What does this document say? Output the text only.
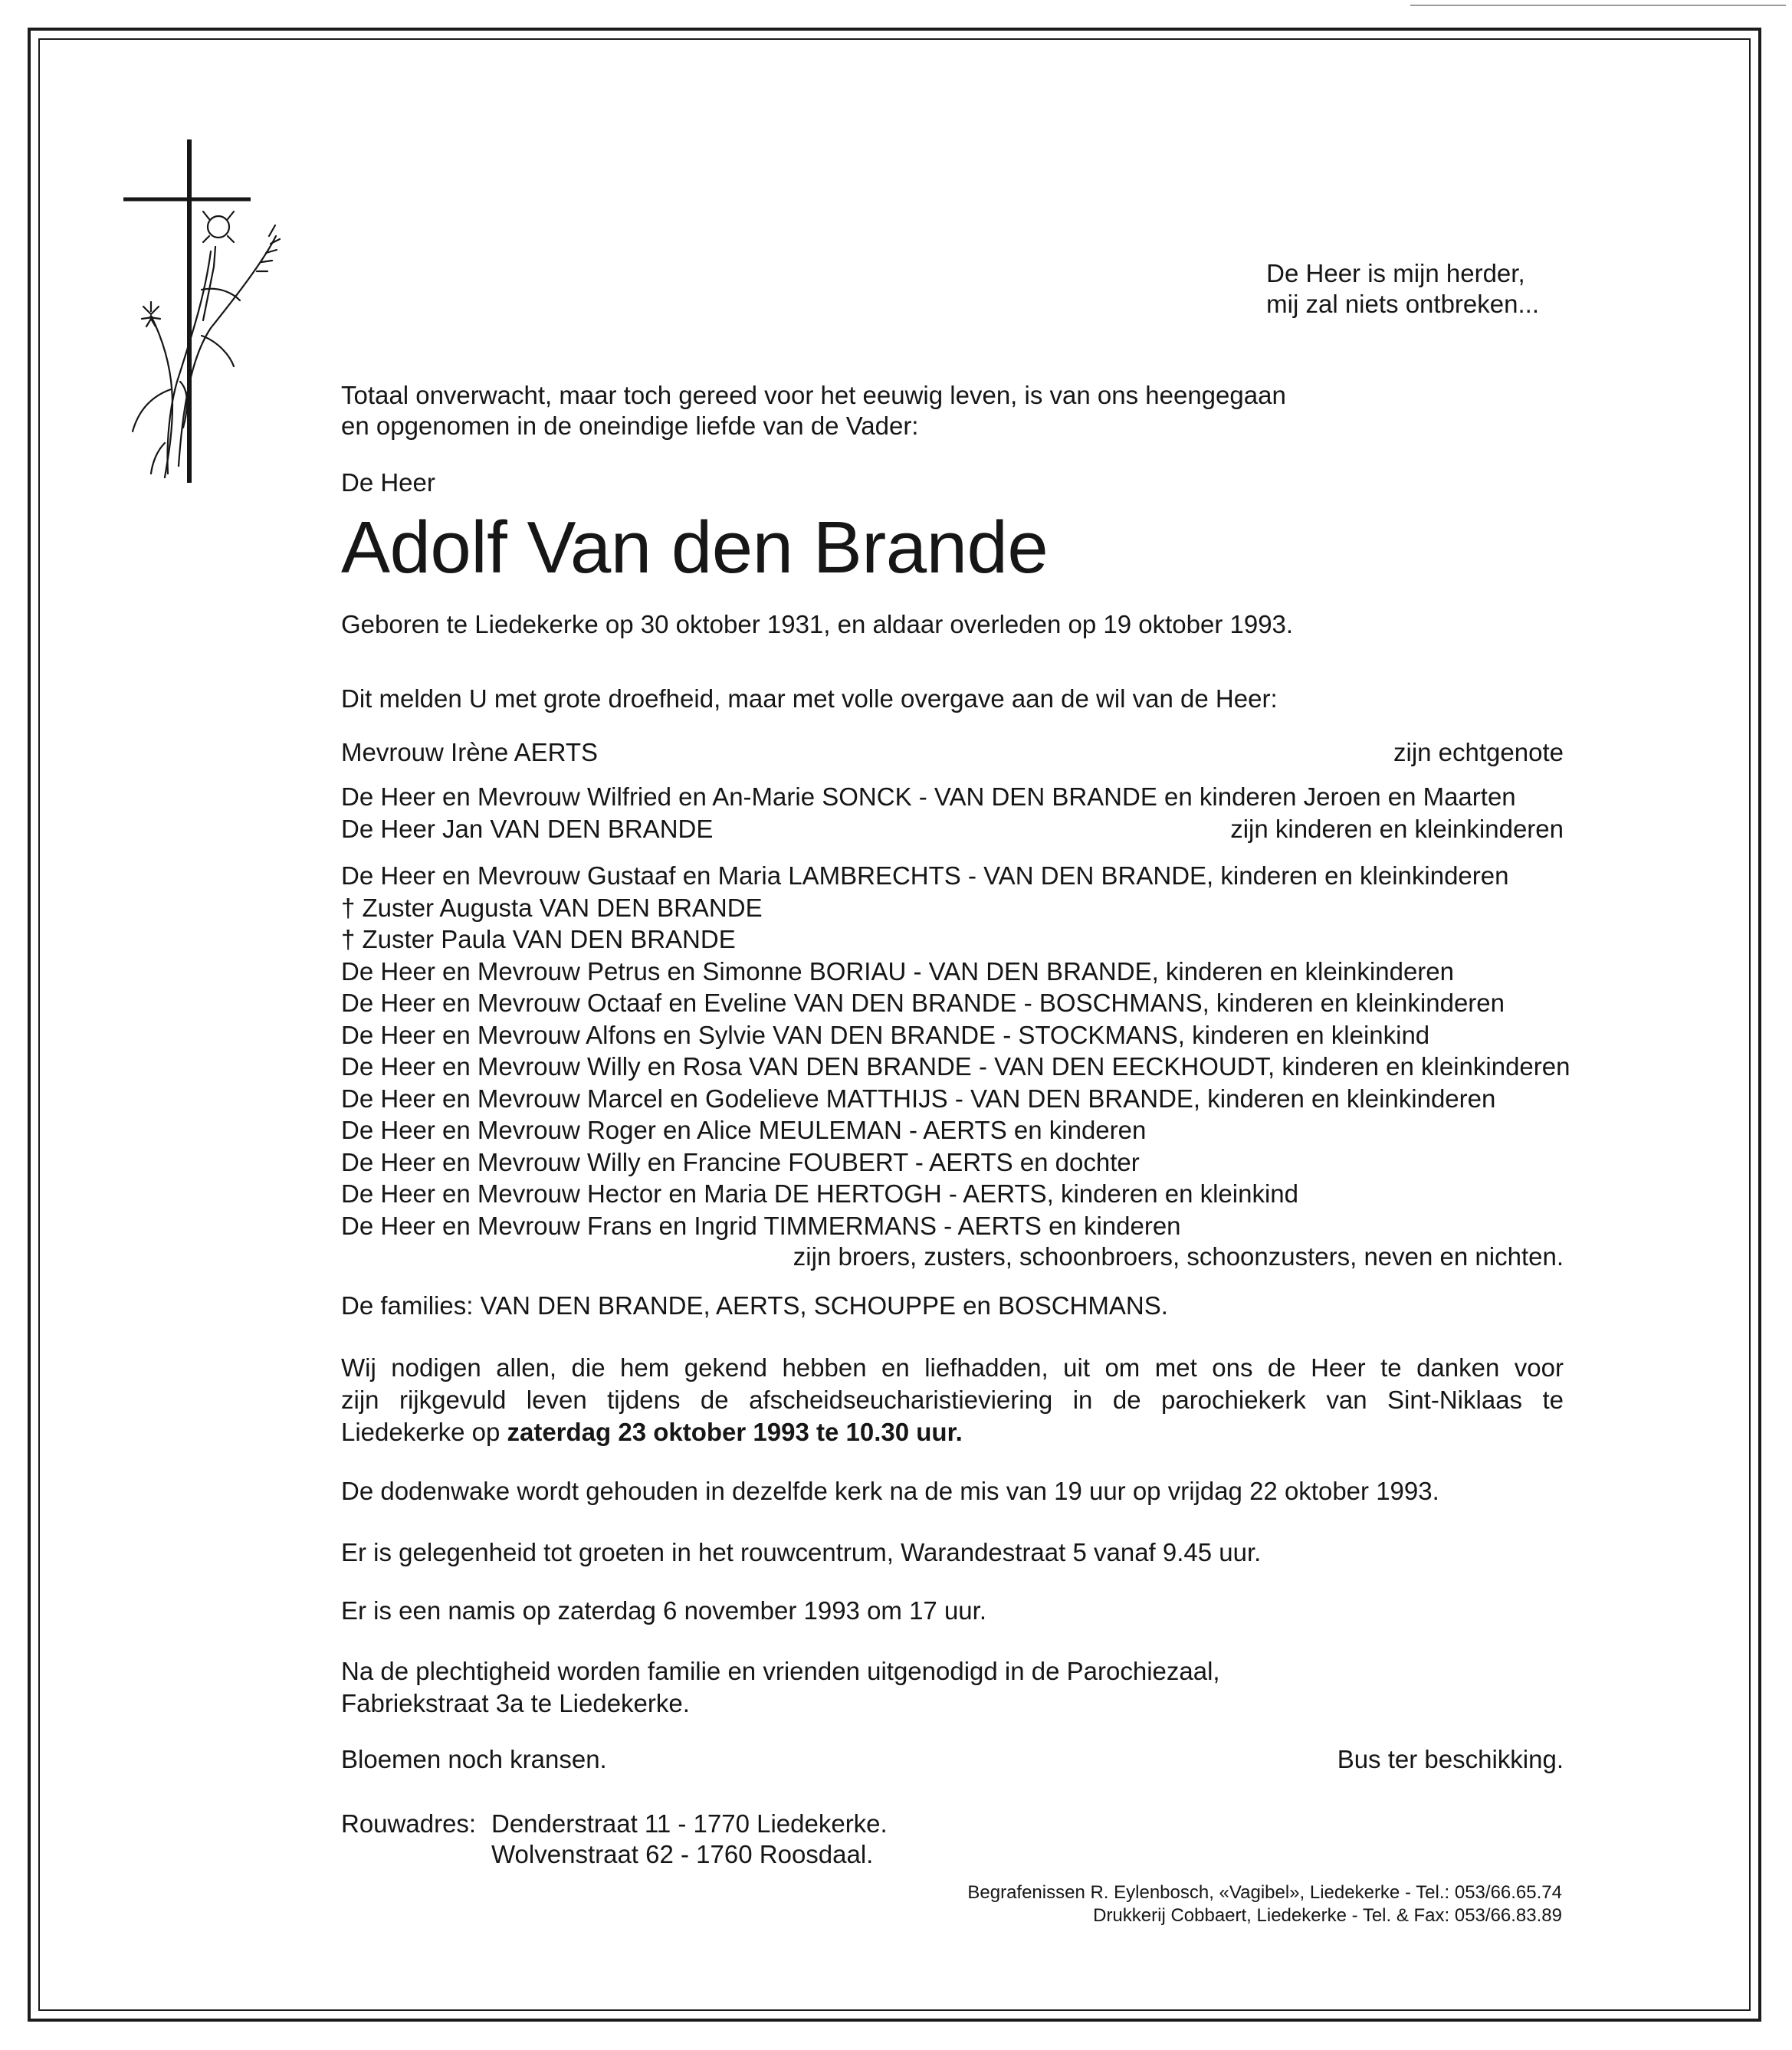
De Heer is mijn herder,
mij zal niets ontbreken...
Totaal onverwacht, maar toch gereed voor het eeuwig leven, is van ons heengegaan
en opgenomen in de oneindige liefde van de Vader:
De Heer
Adolf Van den Brande
Geboren te Liedekerke op 30 oktober 1931, en aldaar overleden op 19 oktober 1993.
Dit melden U met grote droefheid, maar met volle overgave aan de wil van de Heer:
Mevrouw Irène AERTS	zijn echtgenote
De Heer en Mevrouw Wilfried en An-Marie SONCK - VAN DEN BRANDE en kinderen Jeroen en Maarten
De Heer Jan VAN DEN BRANDE	zijn kinderen en kleinkinderen
De Heer en Mevrouw Gustaaf en Maria LAMBRECHTS - VAN DEN BRANDE, kinderen en kleinkinderen
† Zuster Augusta VAN DEN BRANDE
† Zuster Paula VAN DEN BRANDE
De Heer en Mevrouw Petrus en Simonne BORIAU - VAN DEN BRANDE, kinderen en kleinkinderen
De Heer en Mevrouw Octaaf en Eveline VAN DEN BRANDE - BOSCHMANS, kinderen en kleinkinderen
De Heer en Mevrouw Alfons en Sylvie VAN DEN BRANDE - STOCKMANS, kinderen en kleinkind
De Heer en Mevrouw Willy en Rosa VAN DEN BRANDE - VAN DEN EECKHOUDT, kinderen en kleinkinderen
De Heer en Mevrouw Marcel en Godelieve MATTHIJS - VAN DEN BRANDE, kinderen en kleinkinderen
De Heer en Mevrouw Roger en Alice MEULEMAN - AERTS en kinderen
De Heer en Mevrouw Willy en Francine FOUBERT - AERTS en dochter
De Heer en Mevrouw Hector en Maria DE HERTOGH - AERTS, kinderen en kleinkind
De Heer en Mevrouw Frans en Ingrid TIMMERMANS - AERTS en kinderen
zijn broers, zusters, schoonbroers, schoonzusters, neven en nichten.
De families: VAN DEN BRANDE, AERTS, SCHOUPPE en BOSCHMANS.
Wij nodigen allen, die hem gekend hebben en liefhadden, uit om met ons de Heer te danken voor
zijn rijkgevuld leven tijdens de afscheidseucharistieviering in de parochiekerk van Sint-Niklaas te
Liedekerke op zaterdag 23 oktober 1993 te 10.30 uur.
De dodenwake wordt gehouden in dezelfde kerk na de mis van 19 uur op vrijdag 22 oktober 1993.
Er is gelegenheid tot groeten in het rouwcentrum, Warandestraat 5 vanaf 9.45 uur.
Er is een namis op zaterdag 6 november 1993 om 17 uur.
Na de plechtigheid worden familie en vrienden uitgenodigd in de Parochiezaal,
Fabriekstraat 3a te Liedekerke.
Bloemen noch kransen.	Bus ter beschikking.
Rouwadres: Denderstraat 11 - 1770 Liedekerke.
Wolvenstraat 62 - 1760 Roosdaal.
Begrafenissen R. Eylenbosch, «Vagibel», Liedekerke - Tel.: 053/66.65.74
Drukkerij Cobbaert, Liedekerke - Tel. & Fax: 053/66.83.89
